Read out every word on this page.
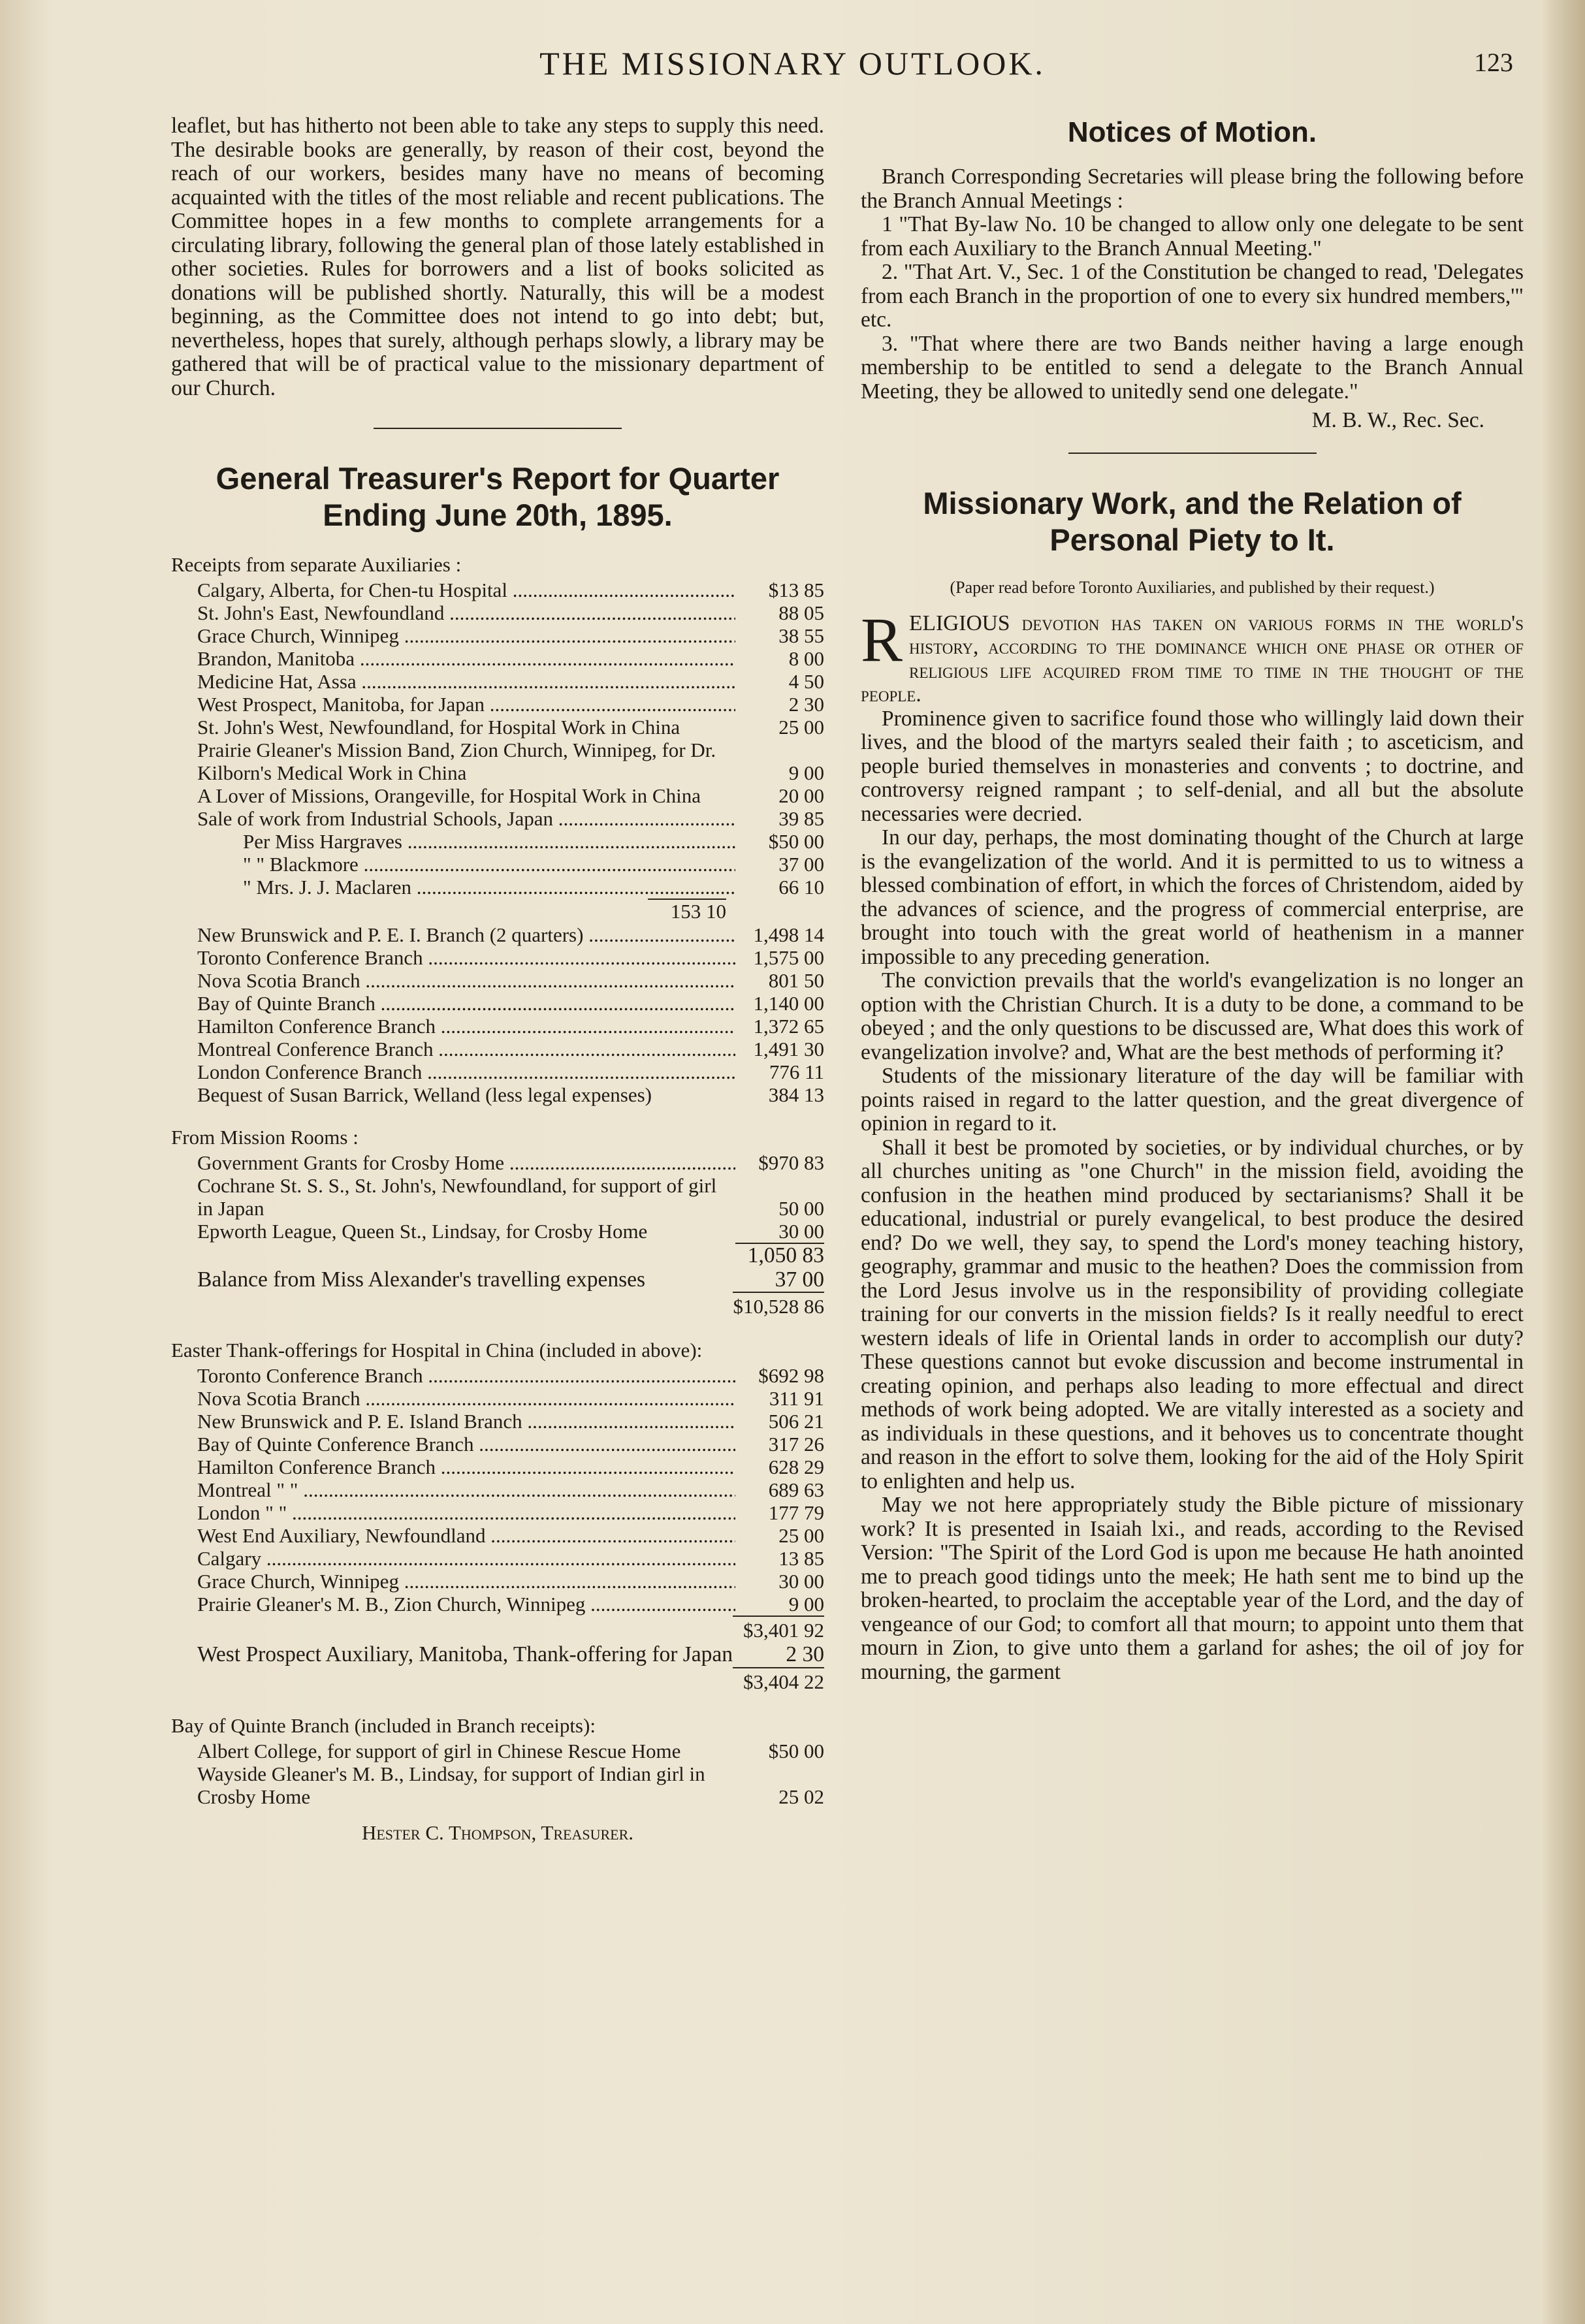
THE MISSIONARY OUTLOOK.	123

leaflet, but has hitherto not been able to take any steps to supply this need. The desirable books are generally, by reason of their cost, beyond the reach of our workers, besides many have no means of becoming acquainted with the titles of the most reliable and recent publications. The Committee hopes in a few months to complete arrangements for a circulating library, following the general plan of those lately established in other societies. Rules for borrowers and a list of books solicited as donations will be published shortly. Naturally, this will be a modest beginning, as the Committee does not intend to go into debt; but, nevertheless, hopes that surely, although perhaps slowly, a library may be gathered that will be of practical value to the missionary department of our Church.

General Treasurer's Report for Quarter Ending June 20th, 1895.
Receipts from separate Auxiliaries :
Calgary, Alberta, for Chen-tu Hospital .....	$13 85
St. John's East, Newfoundland .....	88 05
Grace Church, Winnipeg .....	38 55
Brandon, Manitoba .....	8 00
Medicine Hat, Assa .....	4 50
West Prospect, Manitoba, for Japan .....	2 30
St. John's West, Newfoundland, for Hospital Work in China	25 00
Prairie Gleaner's Mission Band, Zion Church, Winnipeg, for Dr. Kilborn's Medical Work in China	9 00
A Lover of Missions, Orangeville, for Hospital Work in China	20 00
Sale of work from Industrial Schools, Japan .....	39 85
Per Miss Hargraves .....	$50 00
" " Blackmore .....	37 00
" Mrs. J. J. Maclaren .....	66 10
153 10
New Brunswick and P. E. I. Branch (2 quarters) .....	1,498 14
Toronto Conference Branch .....	1,575 00
Nova Scotia Branch .....	801 50
Bay of Quinte Branch .....	1,140 00
Hamilton Conference Branch .....	1,372 65
Montreal Conference Branch .....	1,491 30
London Conference Branch .....	776 11
Bequest of Susan Barrick, Welland (less legal expenses)	384 13
From Mission Rooms :
Government Grants for Crosby Home .....	$970 83
Cochrane St. S. S., St. John's, Newfoundland, for support of girl in Japan	50 00
Epworth League, Queen St., Lindsay, for Crosby Home	30 00
1,050 83
Balance from Miss Alexander's travelling expenses	37 00
$10,528 86
Easter Thank-offerings for Hospital in China (included in above):
Toronto Conference Branch .....	$692 98
Nova Scotia Branch .....	311 91
New Brunswick and P. E. Island Branch .....	506 21
Bay of Quinte Conference Branch .....	317 26
Hamilton Conference Branch .....	628 29
Montreal " " .....	689 63
London " " .....	177 79
West End Auxiliary, Newfoundland .....	25 00
Calgary .....	13 85
Grace Church, Winnipeg .....	30 00
Prairie Gleaner's M. B., Zion Church, Winnipeg .....	9 00
$3,401 92
West Prospect Auxiliary, Manitoba, Thank-offering for Japan	2 30
$3,404 22
Bay of Quinte Branch (included in Branch receipts):
Albert College, for support of girl in Chinese Rescue Home	$50 00
Wayside Gleaner's M. B., Lindsay, for support of Indian girl in Crosby Home	25 02
Hester C. Thompson, Treasurer.
Notices of Motion.

Branch Corresponding Secretaries will please bring the following before the Branch Annual Meetings :

1 "That By-law No. 10 be changed to allow only one delegate to be sent from each Auxiliary to the Branch Annual Meeting."

2. "That Art. V., Sec. 1 of the Constitution be changed to read, 'Delegates from each Branch in the proportion of one to every six hundred members,'" etc.

3. "That where there are two Bands neither having a large enough membership to be entitled to send a delegate to the Branch Annual Meeting, they be allowed to unitedly send one delegate."

M. B. W., Rec. Sec.
Missionary Work, and the Relation of Personal Piety to It.

(Paper read before Toronto Auxiliaries, and published by their request.)

RELIGIOUS devotion has taken on various forms in the world's history, according to the dominance which one phase or other of religious life acquired from time to time in the thought of the people.

Prominence given to sacrifice found those who willingly laid down their lives, and the blood of the martyrs sealed their faith ; to asceticism, and people buried themselves in monasteries and convents ; to doctrine, and controversy reigned rampant ; to self-denial, and all but the absolute necessaries were decried.

In our day, perhaps, the most dominating thought of the Church at large is the evangelization of the world. And it is permitted to us to witness a blessed combination of effort, in which the forces of Christendom, aided by the advances of science, and the progress of commercial enterprise, are brought into touch with the great world of heathenism in a manner impossible to any preceding generation.

The conviction prevails that the world's evangelization is no longer an option with the Christian Church. It is a duty to be done, a command to be obeyed ; and the only questions to be discussed are, What does this work of evangelization involve? and, What are the best methods of performing it?

Students of the missionary literature of the day will be familiar with points raised in regard to the latter question, and the great divergence of opinion in regard to it.

Shall it best be promoted by societies, or by individual churches, or by all churches uniting as "one Church" in the mission field, avoiding the confusion in the heathen mind produced by sectarianisms? Shall it be educational, industrial or purely evangelical, to best produce the desired end? Do we well, they say, to spend the Lord's money teaching history, geography, grammar and music to the heathen? Does the commission from the Lord Jesus involve us in the responsibility of providing collegiate training for our converts in the mission fields? Is it really needful to erect western ideals of life in Oriental lands in order to accomplish our duty? These questions cannot but evoke discussion and become instrumental in creating opinion, and perhaps also leading to more effectual and direct methods of work being adopted. We are vitally interested as a society and as individuals in these questions, and it behoves us to concentrate thought and reason in the effort to solve them, looking for the aid of the Holy Spirit to enlighten and help us.

May we not here appropriately study the Bible picture of missionary work? It is presented in Isaiah lxi., and reads, according to the Revised Version: "The Spirit of the Lord God is upon me because He hath anointed me to preach good tidings unto the meek; He hath sent me to bind up the broken-hearted, to proclaim the acceptable year of the Lord, and the day of vengeance of our God; to comfort all that mourn; to appoint unto them that mourn in Zion, to give unto them a garland for ashes; the oil of joy for mourning, the garment
